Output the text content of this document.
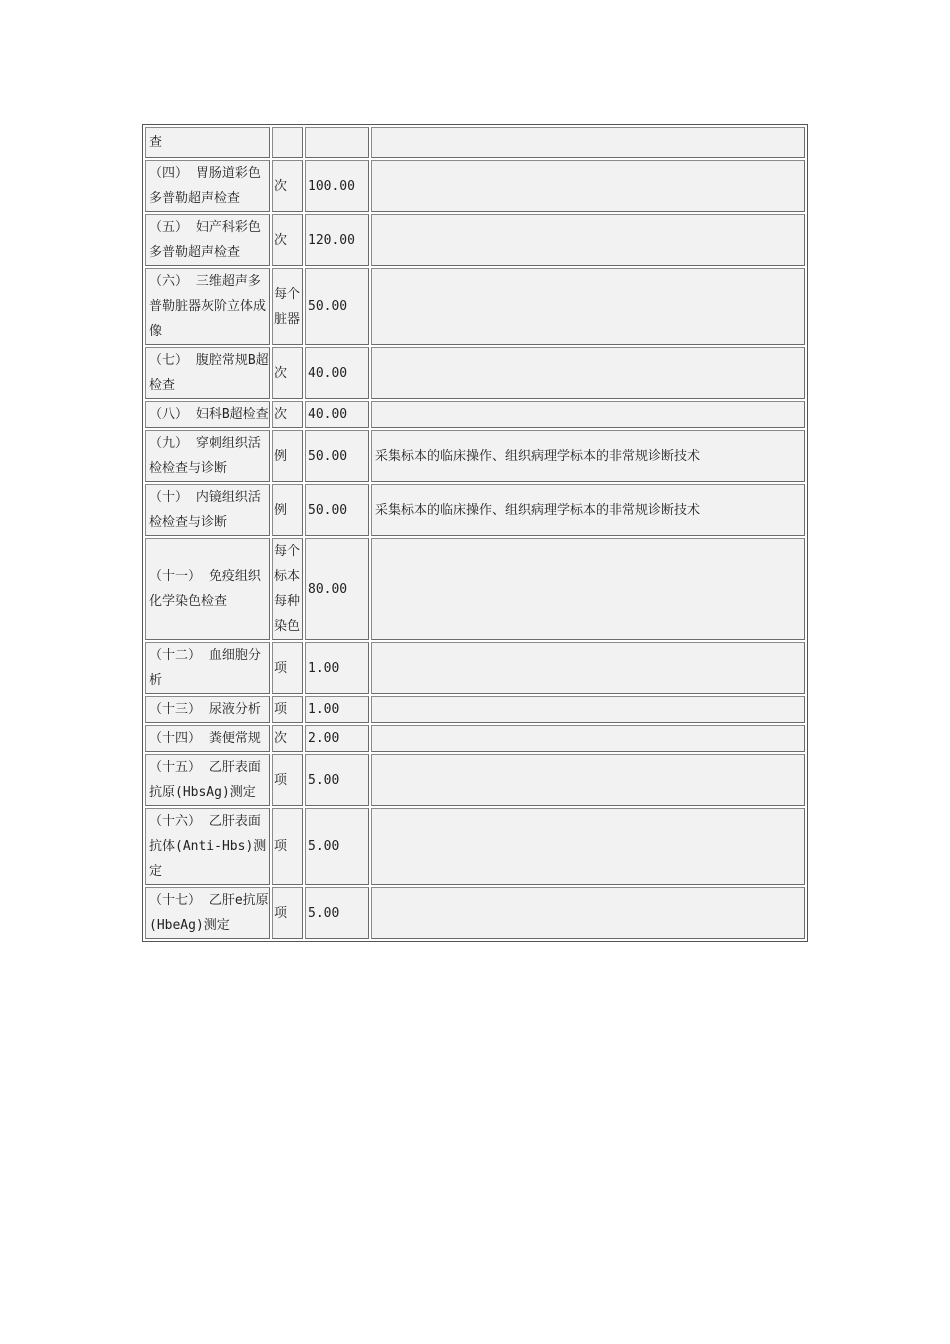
查			
（四） 胃肠道彩色多普勒超声检查	次	100.00	
（五） 妇产科彩色多普勒超声检查	次	120.00	
（六） 三维超声多普勒脏器灰阶立体成像	每个脏器	50.00	
（七） 腹腔常规B超检查	次	40.00	
（八） 妇科B超检查	次	40.00	
（九） 穿刺组织活检检查与诊断	例	50.00	采集标本的临床操作、组织病理学标本的非常规诊断技术
（十） 内镜组织活检检查与诊断	例	50.00	采集标本的临床操作、组织病理学标本的非常规诊断技术
（十一） 免疫组织化学染色检查	每个标本每种染色	80.00	
（十二） 血细胞分析	项	1.00	
（十三） 尿液分析	项	1.00	
（十四） 粪便常规	次	2.00	
（十五） 乙肝表面抗原(HbsAg)测定	项	5.00	
（十六） 乙肝表面抗体(Anti-Hbs)测定	项	5.00	
（十七） 乙肝e抗原(HbeAg)测定	项	5.00	
